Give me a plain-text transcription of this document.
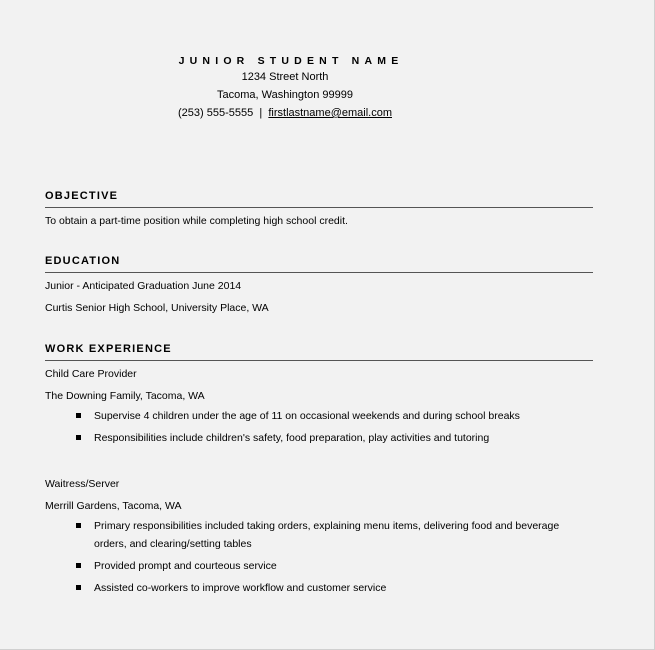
JUNIOR STUDENT NAME
1234 Street North
Tacoma, Washington 99999
(253) 555-5555 | firstlastname@email.com
OBJECTIVE
To obtain a part-time position while completing high school credit.
EDUCATION
Junior - Anticipated Graduation June 2014
Curtis Senior High School, University Place, WA
WORK EXPERIENCE
Child Care Provider
The Downing Family, Tacoma, WA
Supervise 4 children under the age of 11 on occasional weekends and during school breaks
Responsibilities include children's safety, food preparation, play activities and tutoring
Waitress/Server
Merrill Gardens, Tacoma, WA
Primary responsibilities included taking orders, explaining menu items, delivering food and beverage orders, and clearing/setting tables
Provided prompt and courteous service
Assisted co-workers to improve workflow and customer service
